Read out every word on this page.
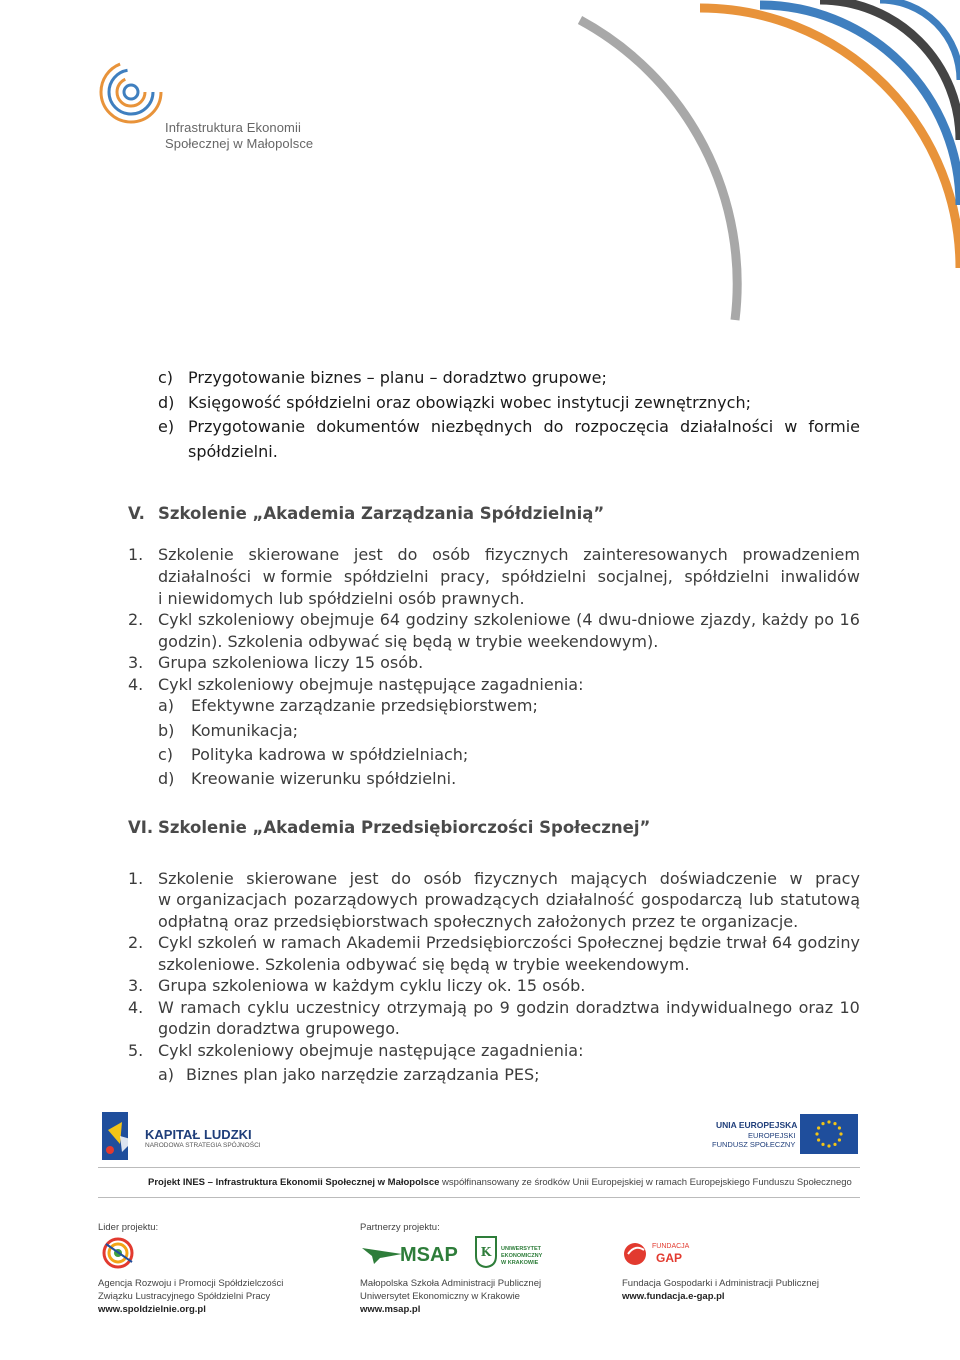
Infrastruktura Ekonomii
Społecznej w Małopolsce
c) Przygotowanie biznes – planu – doradztwo grupowe;
d) Księgowość spółdzielni oraz obowiązki wobec instytucji zewnętrznych;
e) Przygotowanie dokumentów niezbędnych do rozpoczęcia działalności w formie
spółdzielni.
V. Szkolenie „Akademia Zarządzania Spółdzielnią”
1. Szkolenie skierowane jest do osób fizycznych zainteresowanych prowadzeniem
działalności w formie spółdzielni pracy, spółdzielni socjalnej, spółdzielni inwalidów
i niewidomych lub spółdzielni osób prawnych.
2. Cykl szkoleniowy obejmuje 64 godziny szkoleniowe (4 dwu-dniowe zjazdy, każdy po 16
godzin). Szkolenia odbywać się będą w trybie weekendowym).
3. Grupa szkoleniowa liczy 15 osób.
4. Cykl szkoleniowy obejmuje następujące zagadnienia:
a) Efektywne zarządzanie przedsiębiorstwem;
b) Komunikacja;
c) Polityka kadrowa w spółdzielniach;
d) Kreowanie wizerunku spółdzielni.
VI. Szkolenie „Akademia Przedsiębiorczości Społecznej”
1. Szkolenie skierowane jest do osób fizycznych mających doświadczenie w pracy
w organizacjach pozarządowych prowadzących działalność gospodarczą lub statutową
odpłatną oraz przedsiębiorstwach społecznych założonych przez te organizacje.
2. Cykl szkoleń w ramach Akademii Przedsiębiorczości Społecznej będzie trwał 64 godziny
szkoleniowe. Szkolenia odbywać się będą w trybie weekendowym.
3. Grupa szkoleniowa w każdym cyklu liczy ok. 15 osób.
4. W ramach cyklu uczestnicy otrzymają po 9 godzin doradztwa indywidualnego oraz 10
godzin doradztwa grupowego.
5. Cykl szkoleniowy obejmuje następujące zagadnienia:
a) Biznes plan jako narzędzie zarządzania PES;
KAPITAŁ LUDZKI
NARODOWA STRATEGIA SPÓJNOŚCI
UNIA EUROPEJSKA
EUROPEJSKI
FUNDUSZ SPOŁECZNY
Projekt INES – Infrastruktura Ekonomii Społecznej w Małopolsce współfinansowany ze środków Unii Europejskiej w ramach Europejskiego Funduszu Społecznego
Lider projektu:	Partnerzy projektu:
Agencja Rozwoju i Promocji Spółdzielczości
Związku Lustracyjnego Spółdzielni Pracy
www.spoldzielnie.org.pl
MSAP K UNIWERSYTET
EKONOMICZNY
W KRAKOWIE
Małopolska Szkoła Administracji Publicznej
Uniwersytet Ekonomiczny w Krakowie
www.msap.pl
FUNDACJA
GAP
Fundacja Gospodarki i Administracji Publicznej
www.fundacja.e-gap.pl
